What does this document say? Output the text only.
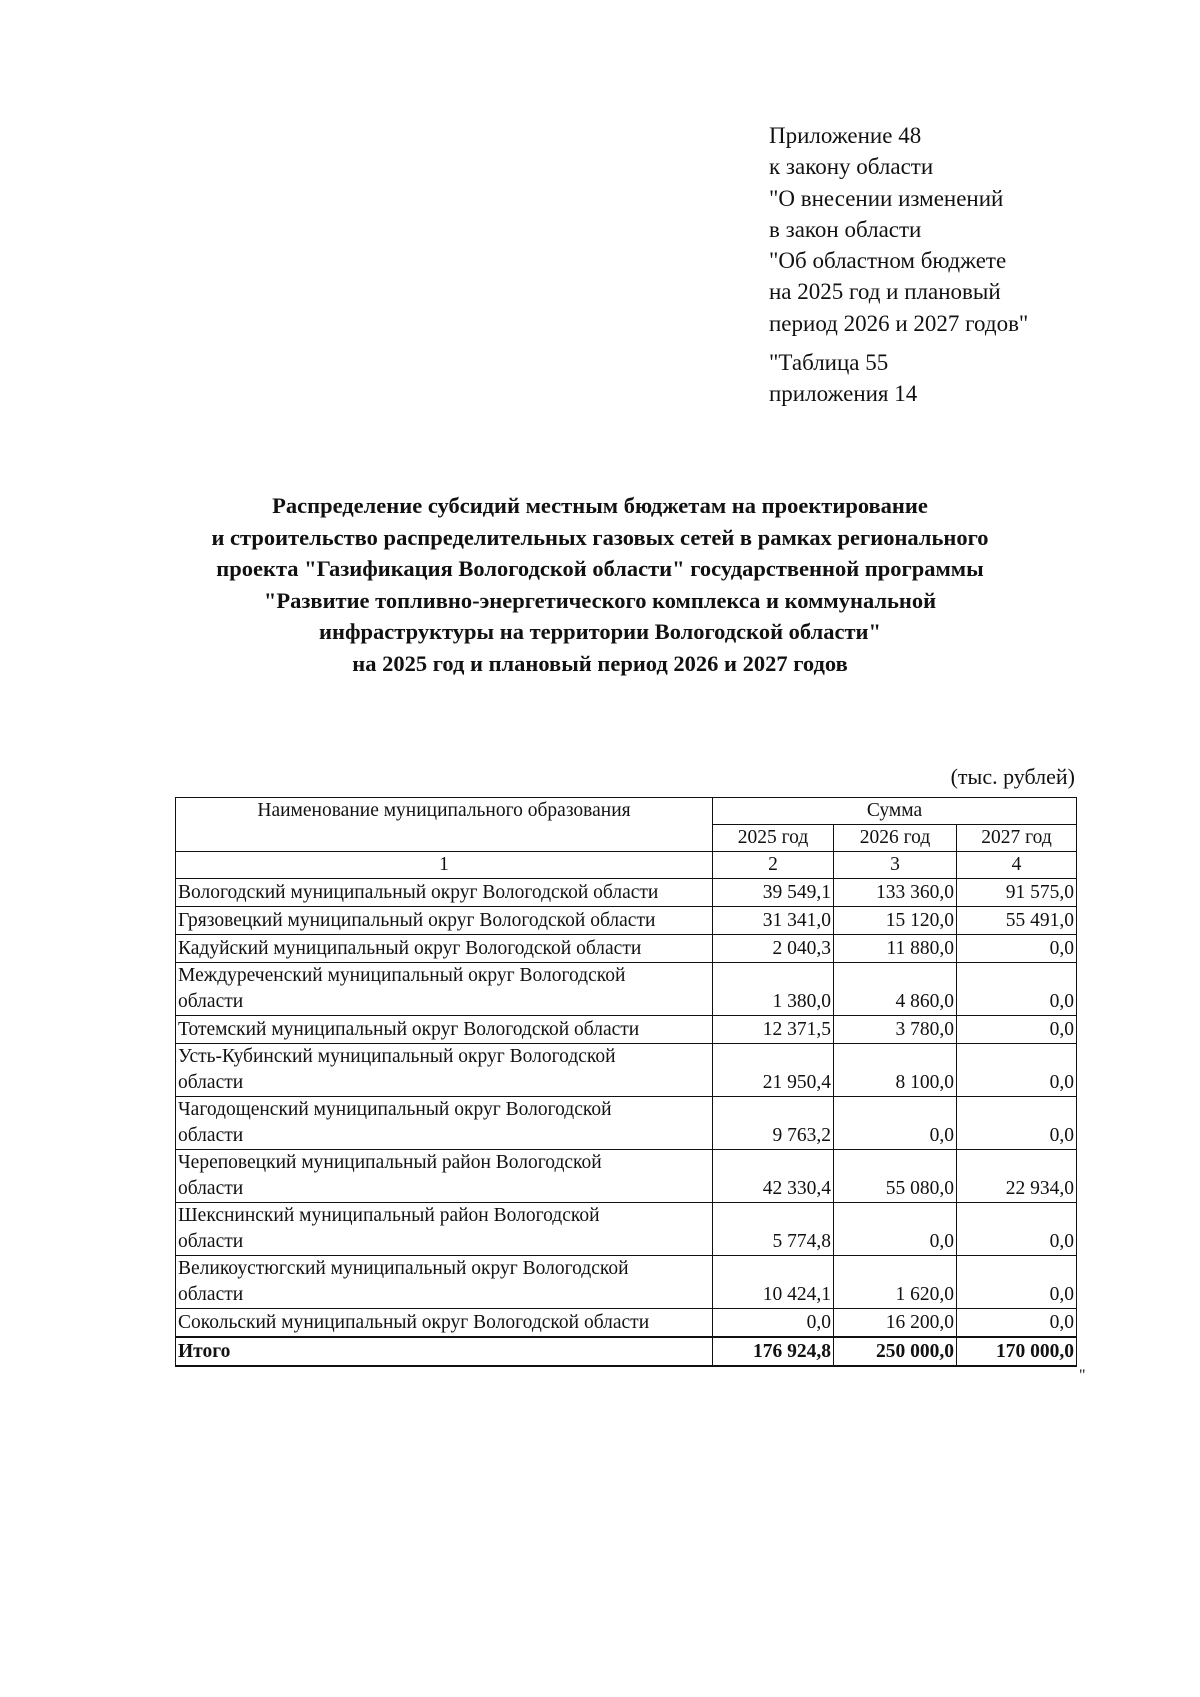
Приложение 48
к закону области
"О внесении изменений
в закон области
"Об областном бюджете
на 2025 год и плановый
период 2026 и 2027 годов"
"Таблица 55
приложения 14
Распределение субсидий местным бюджетам на проектирование
и строительство распределительных газовых сетей в рамках регионального
проекта "Газификация Вологодской области" государственной программы
"Развитие топливно-энергетического комплекса и коммунальной
инфраструктуры на территории Вологодской области"
на 2025 год и плановый период 2026 и 2027 годов
(тыс. рублей)
Наименование муниципального образования	Сумма		
	2025 год	2026 год	2027 год
1	2	3	4

Вологодский муниципальный округ Вологодской области	39 549,1	133 360,0	91 575,0

Грязовецкий муниципальный округ Вологодской области	31 341,0	15 120,0	55 491,0

Кадуйский муниципальный округ Вологодской области	2 040,3	11 880,0	0,0

Междуреченский муниципальный округ Вологодской
области	1 380,0	4 860,0	0,0

Тотемский муниципальный округ Вологодской области	12 371,5	3 780,0	0,0

Усть-Кубинский муниципальный округ Вологодской
области	21 950,4	8 100,0	0,0

Чагодощенский муниципальный округ Вологодской
области	9 763,2	0,0	0,0

Череповецкий муниципальный район Вологодской
области	42 330,4	55 080,0	22 934,0

Шекснинский муниципальный район Вологодской
области	5 774,8	0,0	0,0

Великоустюгский муниципальный округ Вологодской
области	10 424,1	1 620,0	0,0

Сокольский муниципальный округ Вологодской области	0,0	16 200,0	0,0
Итого	176 924,8	250 000,0	170 000,0
"
